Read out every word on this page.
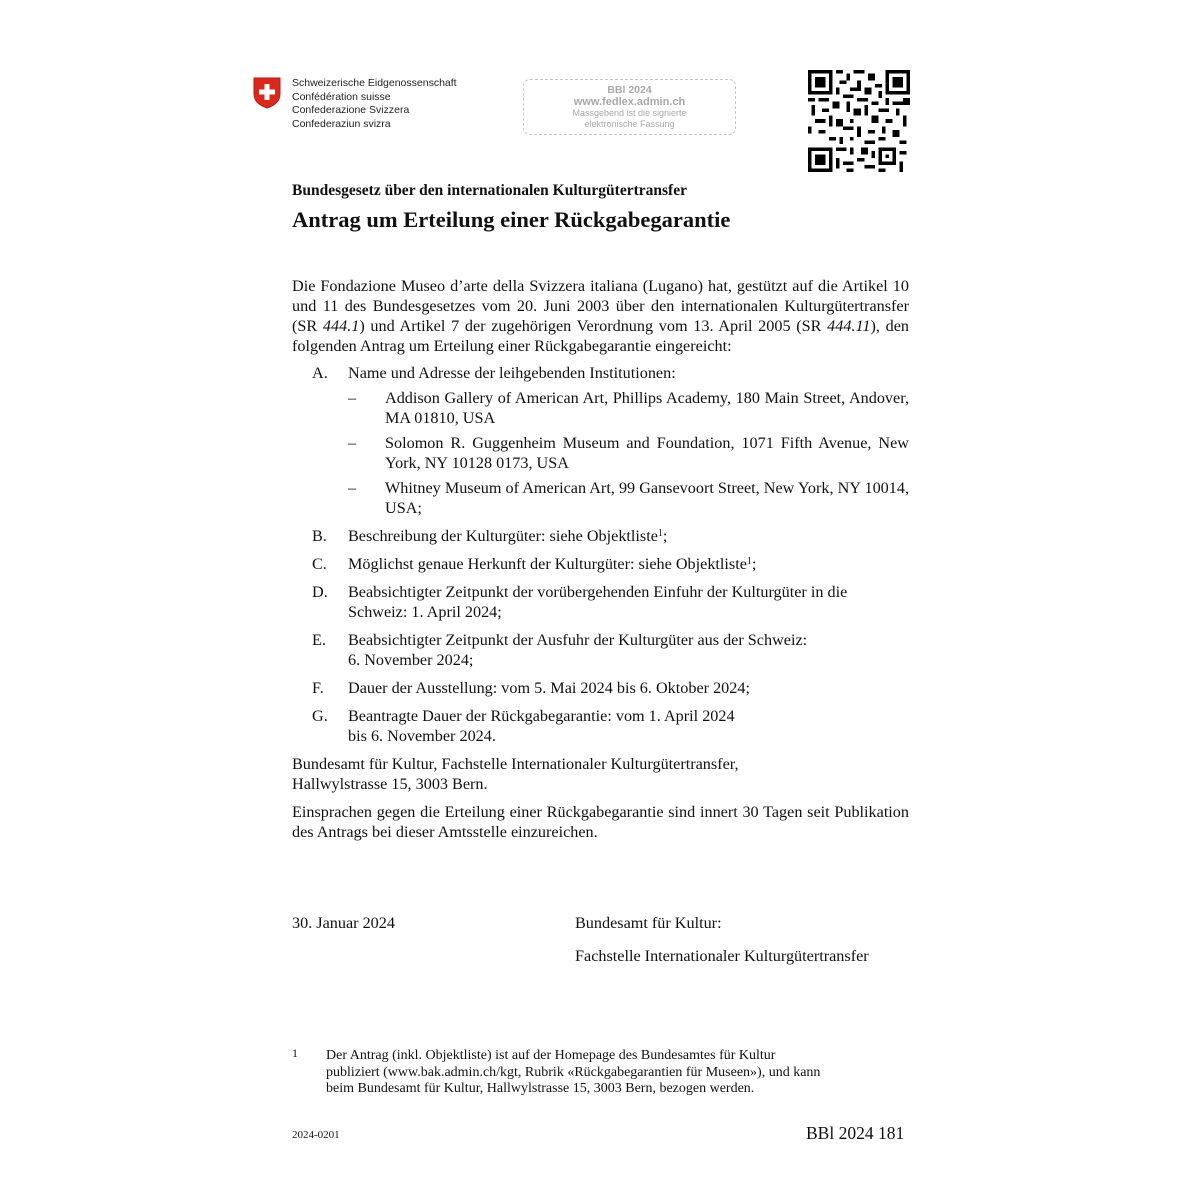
Schweizerische Eidgenossenschaft
Confédération suisse
Confederazione Svizzera
Confederaziun svizra
BBl 2024
www.fedlex.admin.ch
Massgebend ist die signierte
elektronische Fassung
Bundesgesetz über den internationalen Kulturgütertransfer
Antrag um Erteilung einer Rückgabegarantie

Die Fondazione Museo d’arte della Svizzera italiana (Lugano) hat, gestützt auf die Artikel 10 und 11 des Bundesgesetzes vom 20. Juni 2003 über den internationalen Kulturgütertransfer (SR 444.1) und Artikel 7 der zugehörigen Verordnung vom 13. April 2005 (SR 444.11), den folgenden Antrag um Erteilung einer Rückgabegarantie eingereicht:

A.	Name und Adresse der leihgebenden Institutionen:
–	Addison Gallery of American Art, Phillips Academy, 180 Main Street, Andover, MA 01810, USA
–	Solomon R. Guggenheim Museum and Foundation, 1071 Fifth Avenue, New York, NY 10128 0173, USA
–	Whitney Museum of American Art, 99 Gansevoort Street, New York, NY 10014, USA;
B.	Beschreibung der Kulturgüter: siehe Objektliste$^1$;
C.	Möglichst genaue Herkunft der Kulturgüter: siehe Objektliste$^1$;
D.	Beabsichtigter Zeitpunkt der vorübergehenden Einfuhr der Kulturgüter in die Schweiz: 1. April 2024;
E.	Beabsichtigter Zeitpunkt der Ausfuhr der Kulturgüter aus der Schweiz:
6. November 2024;
F.	Dauer der Ausstellung: vom 5. Mai 2024 bis 6. Oktober 2024;
G.	Beantragte Dauer der Rückgabegarantie: vom 1. April 2024
bis 6. November 2024.
Bundesamt für Kultur, Fachstelle Internationaler Kulturgütertransfer,
Hallwylstrasse 15, 3003 Bern.

Einsprachen gegen die Erteilung einer Rückgabegarantie sind innert 30 Tagen seit Publikation des Antrags bei dieser Amtsstelle einzureichen.

30. Januar 2024	Bundesamt für Kultur:
Fachstelle Internationaler Kulturgütertransfer
1 Der Antrag (inkl. Objektliste) ist auf der Homepage des Bundesamtes für Kultur
publiziert (www.bak.admin.ch/kgt, Rubrik «Rückgabegarantien für Museen»), und kann
beim Bundesamt für Kultur, Hallwylstrasse 15, 3003 Bern, bezogen werden.
2024-0201	BBl 2024 181
